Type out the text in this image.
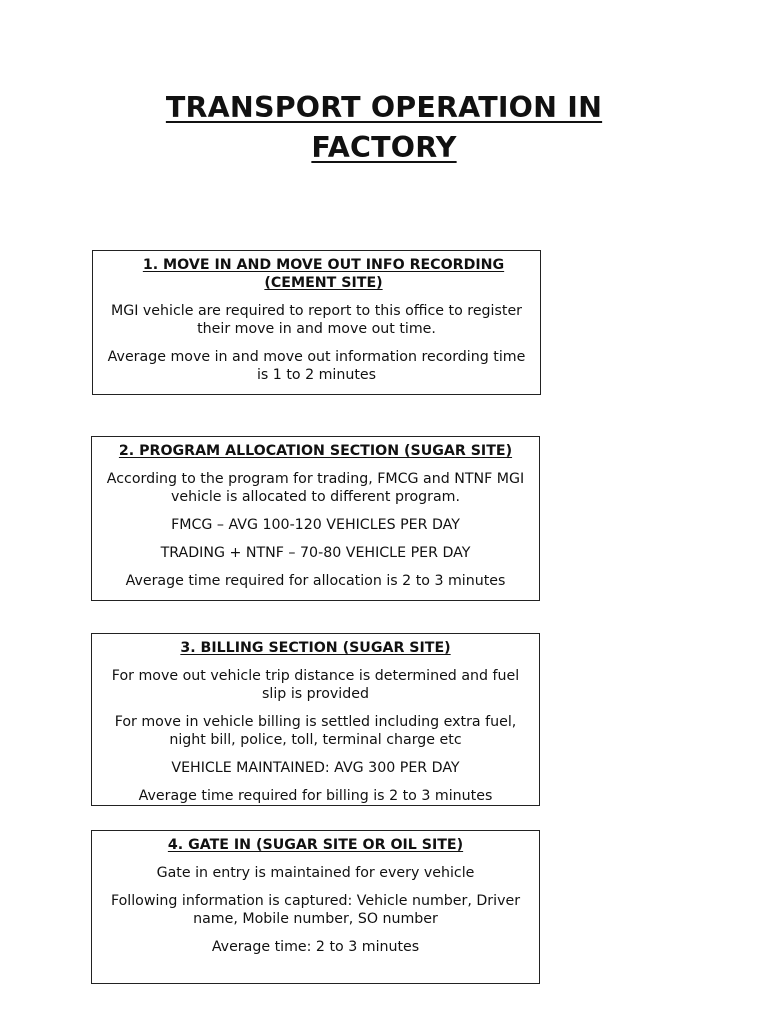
TRANSPORT OPERATION IN
FACTORY
1. MOVE IN AND MOVE OUT INFO RECORDING
(CEMENT SITE)

MGI vehicle are required to report to this office to register their move in and move out time.

Average move in and move out information recording time is 1 to 2 minutes

2. PROGRAM ALLOCATION SECTION (SUGAR SITE)

According to the program for trading, FMCG and NTNF MGI vehicle is allocated to different program.

FMCG – AVG 100-120 VEHICLES PER DAY

TRADING + NTNF – 70-80 VEHICLE PER DAY

Average time required for allocation is 2 to 3 minutes

3. BILLING SECTION (SUGAR SITE)

For move out vehicle trip distance is determined and fuel slip is provided

For move in vehicle billing is settled including extra fuel, night bill, police, toll, terminal charge etc

VEHICLE MAINTAINED: AVG 300 PER DAY

Average time required for billing is 2 to 3 minutes

4. GATE IN (SUGAR SITE OR OIL SITE)

Gate in entry is maintained for every vehicle

Following information is captured: Vehicle number, Driver name, Mobile number, SO number

Average time: 2 to 3 minutes
